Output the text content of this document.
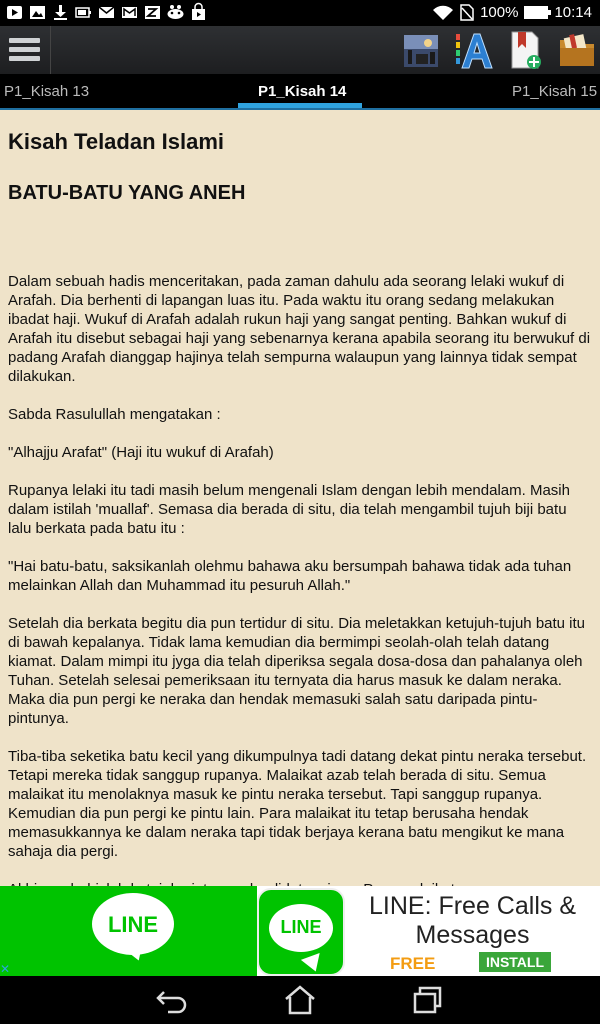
100% 10:14
P1_Kisah 13	P1_Kisah 14	P1_Kisah 15
Kisah Teladan Islami
BATU-BATU YANG ANEH

Dalam sebuah hadis menceritakan, pada zaman dahulu ada seorang lelaki wukuf di Arafah. Dia berhenti di lapangan luas itu. Pada waktu itu orang sedang melakukan ibadat haji. Wukuf di Arafah adalah rukun haji yang sangat penting. Bahkan wukuf di Arafah itu disebut sebagai haji yang sebenarnya kerana apabila seorang itu berwukuf di padang Arafah dianggap hajinya telah sempurna walaupun yang lainnya tidak sempat dilakukan.

Sabda Rasulullah mengatakan :

"Alhajju Arafat" (Haji itu wukuf di Arafah)

Rupanya lelaki itu tadi masih belum mengenali Islam dengan lebih mendalam. Masih dalam istilah 'muallaf'. Semasa dia berada di situ, dia telah mengambil tujuh biji batu lalu berkata pada batu itu :

"Hai batu-batu, saksikanlah olehmu bahawa aku bersumpah bahawa tidak ada tuhan melainkan Allah dan Muhammad itu pesuruh Allah."

Setelah dia berkata begitu dia pun tertidur di situ. Dia meletakkan ketujuh-tujuh batu itu di bawah kepalanya. Tidak lama kemudian dia bermimpi seolah-olah telah datang kiamat. Dalam mimpi itu jyga dia telah diperiksa segala dosa-dosa dan pahalanya oleh Tuhan. Setelah selesai pemeriksaan itu ternyata dia harus masuk ke dalam neraka. Maka dia pun pergi ke neraka dan hendak memasuki salah satu daripada pintu-pintunya.

Tiba-tiba seketika batu kecil yang dikumpulnya tadi datang dekat pintu neraka tersebut. Tetapi mereka tidak sanggup rupanya. Malaikat azab telah berada di situ. Semua malaikat itu menolaknya masuk ke pintu neraka tersebut. Tapi sanggup rupanya. Kemudian dia pun pergi ke pintu lain. Para malaikat itu tetap berusaha hendak memasukkannya ke dalam neraka tapi tidak berjaya kerana batu mengikut ke mana sahaja dia pergi.

LINE	LINE
LINE: Free Calls & Messages
FREE	INSTALL
✕
